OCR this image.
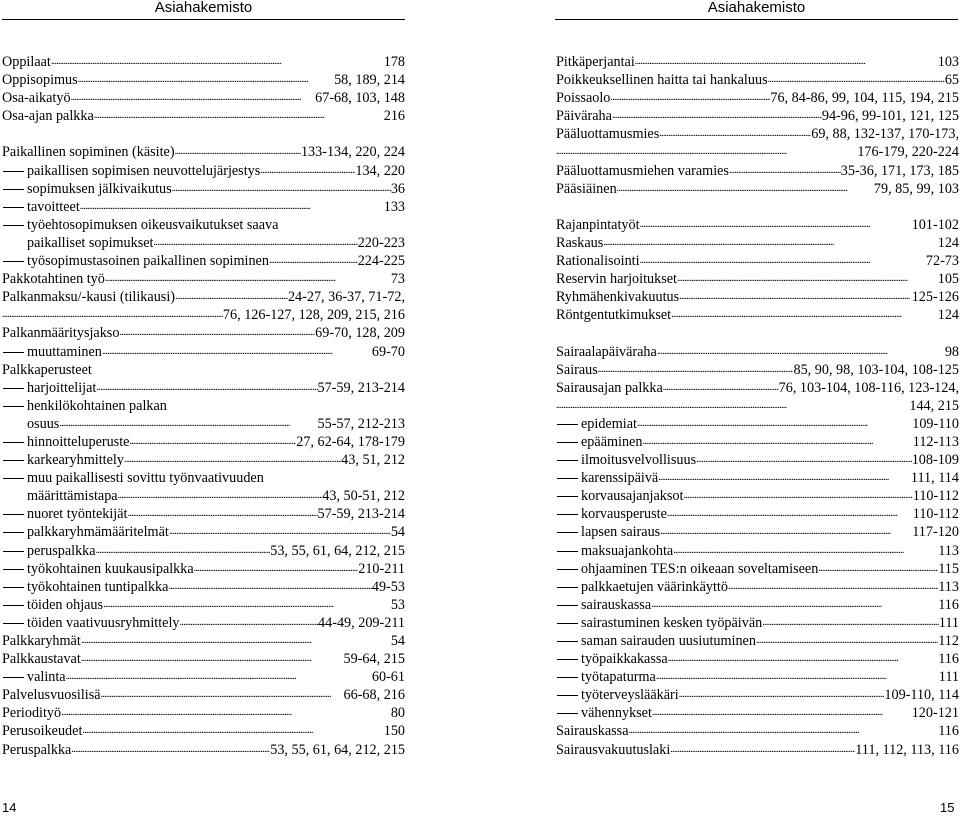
Asiahakemisto	Asiahakemisto
Oppilaat . . .	178
Oppisopimus . . .	58, 189, 214
Osa-aikatyö . . .	67-68, 103, 148
Osa-ajan palkka . . .	216
Paikallinen sopiminen (käsite) . . .	133-134, 220, 224
paikallisen sopimisen neuvottelujärjestys . . .	134, 220
sopimuksen jälkivaikutus . . .	36
tavoitteet . . .	133
työehtosopimuksen oikeusvaikutukset saava
paikalliset sopimukset . . .	220-223
työsopimustasoinen paikallinen sopiminen . . .	224-225
Pakkotahtinen työ . . .	73
Palkanmaksu/-kausi (tilikausi) . . .	24-27, 36-37, 71-72,
. . .
76, 126-127, 128, 209, 215, 216
Palkanmääritysjakso . . .	69-70, 128, 209
muuttaminen . . .	69-70
Palkkaperusteet
harjoittelijat . . .	57-59, 213-214
henkilökohtainen palkan
osuus . . .	55-57, 212-213
hinnoitteluperuste . . .	27, 62-64, 178-179
karkearyhmittely . . .	43, 51, 212
muu paikallisesti sovittu työnvaativuuden
määrittämistapa . . .	43, 50-51, 212
nuoret työntekijät . . .	57-59, 213-214
palkkaryhmämääritelmät . . .	54
peruspalkka . . .	53, 55, 61, 64, 212, 215
työkohtainen kuukausipalkka . . .	210-211
työkohtainen tuntipalkka . . .	49-53
töiden ohjaus . . .	53
töiden vaativuusryhmittely . . .	44-49, 209-211
Palkkaryhmät . . .	54
Palkkaustavat . . .	59-64, 215
valinta . . .	60-61
Palvelusvuosilisä . . .	66-68, 216
Periodityö . . .	80
Perusoikeudet . . .	150
Peruspalkka . . .	53, 55, 61, 64, 212, 215
Pitkäperjantai . . .	103
Poikkeuksellinen haitta tai hankaluus . . .	65
Poissaolo . . .	76, 84-86, 99, 104, 115, 194, 215
Päiväraha . . .	94-96, 99-101, 121, 125
Pääluottamusmies . . .	69, 88, 132-137, 170-173,
. . .
176-179, 220-224
Pääluottamusmiehen varamies . . .	35-36, 171, 173, 185
Pääsiäinen . . .	79, 85, 99, 103
Rajanpintatyöt . . .	101-102
Raskaus . . .	124
Rationalisointi . . .	72-73
Reservin harjoitukset . . .	105
Ryhmähenkivakuutus . . .	125-126
Röntgentutkimukset . . .	124
Sairaalapäiväraha . . .	98
Sairaus . . .	85, 90, 98, 103-104, 108-125
Sairausajan palkka . . .	76, 103-104, 108-116, 123-124,
. . .
144, 215
epidemiat . . .	109-110
epääminen . . .	112-113
ilmoitusvelvollisuus . . .	108-109
karenssipäivä . . .	111, 114
korvausajanjaksot . . .	110-112
korvausperuste . . .	110-112
lapsen sairaus . . .	117-120
maksuajankohta . . .	113
ohjaaminen TES:n oikeaan soveltamiseen . . .	115
palkkaetujen väärinkäyttö . . .	113
sairauskassa . . .	116
sairastuminen kesken työpäivän . . .	111
saman sairauden uusiutuminen . . .	112
työpaikkakassa . . .	116
työtapaturma . . .	111
työterveyslääkäri . . .	109-110, 114
vähennykset . . .	120-121
Sairauskassa . . .	116
Sairausvakuutuslaki . . .	111, 112, 113, 116
14	15
